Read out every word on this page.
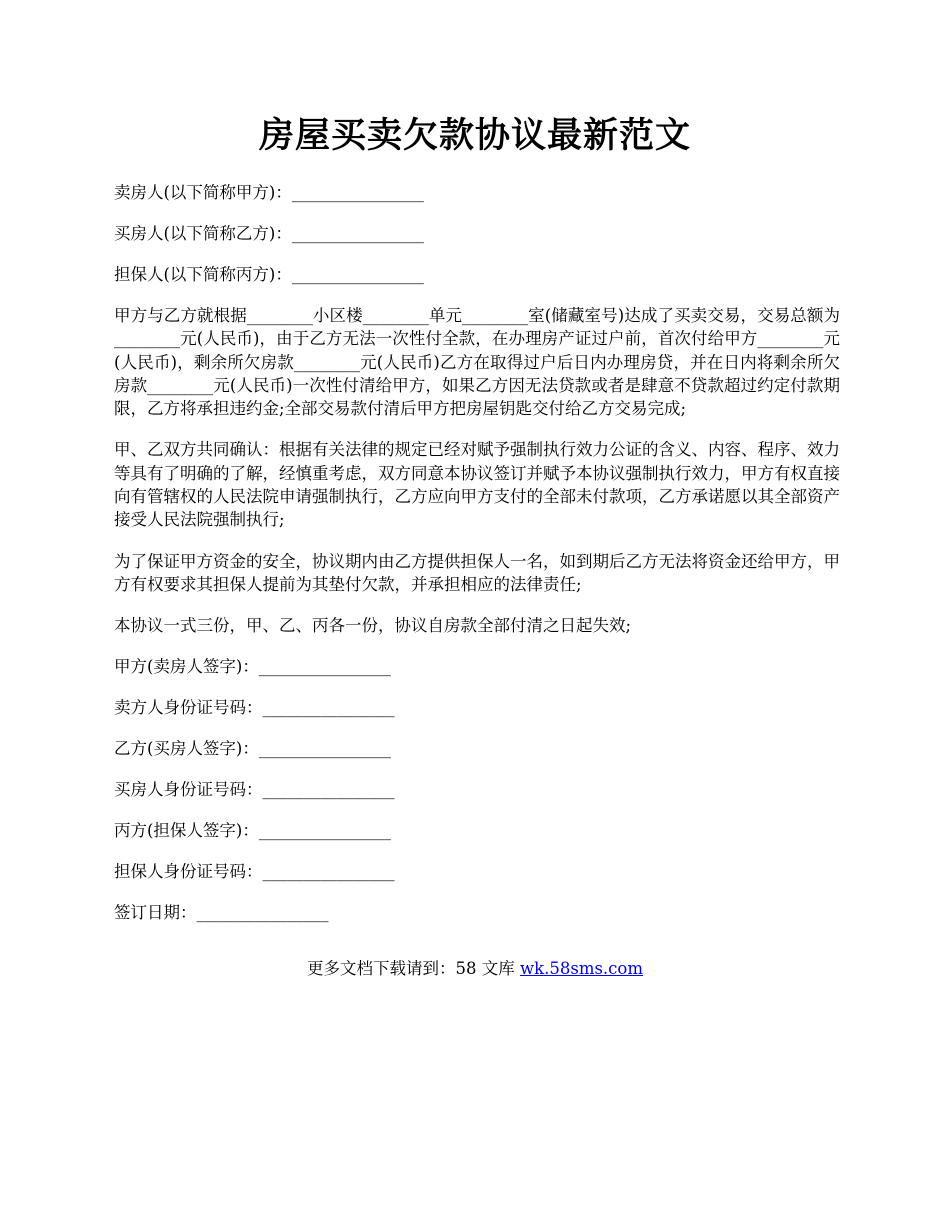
房屋买卖欠款协议最新范文

卖房人(以下简称甲方)：________________

买房人(以下简称乙方)：________________

担保人(以下简称丙方)：________________

甲方与乙方就根据________小区楼________单元________室(储藏室号)达成了买卖交易，交易总额为________元(人民币)，由于乙方无法一次性付全款，在办理房产证过户前，首次付给甲方________元(人民币)，剩余所欠房款________元(人民币)乙方在取得过户后日内办理房贷，并在日内将剩余所欠房款________元(人民币)一次性付清给甲方，如果乙方因无法贷款或者是肆意不贷款超过约定付款期限，乙方将承担违约金;全部交易款付清后甲方把房屋钥匙交付给乙方交易完成;

甲、乙双方共同确认：根据有关法律的规定已经对赋予强制执行效力公证的含义、内容、程序、效力等具有了明确的了解，经慎重考虑，双方同意本协议签订并赋予本协议强制执行效力，甲方有权直接向有管辖权的人民法院申请强制执行，乙方应向甲方支付的全部未付款项，乙方承诺愿以其全部资产接受人民法院强制执行;

为了保证甲方资金的安全，协议期内由乙方提供担保人一名，如到期后乙方无法将资金还给甲方，甲方有权要求其担保人提前为其垫付欠款，并承担相应的法律责任;

本协议一式三份，甲、乙、丙各一份，协议自房款全部付清之日起失效;

甲方(卖房人签字)：________________

卖方人身份证号码：________________

乙方(买房人签字)：________________

买房人身份证号码：________________

丙方(担保人签字)：________________

担保人身份证号码：________________

签订日期：________________

更多文档下载请到：58 文库 wk.58sms.com
